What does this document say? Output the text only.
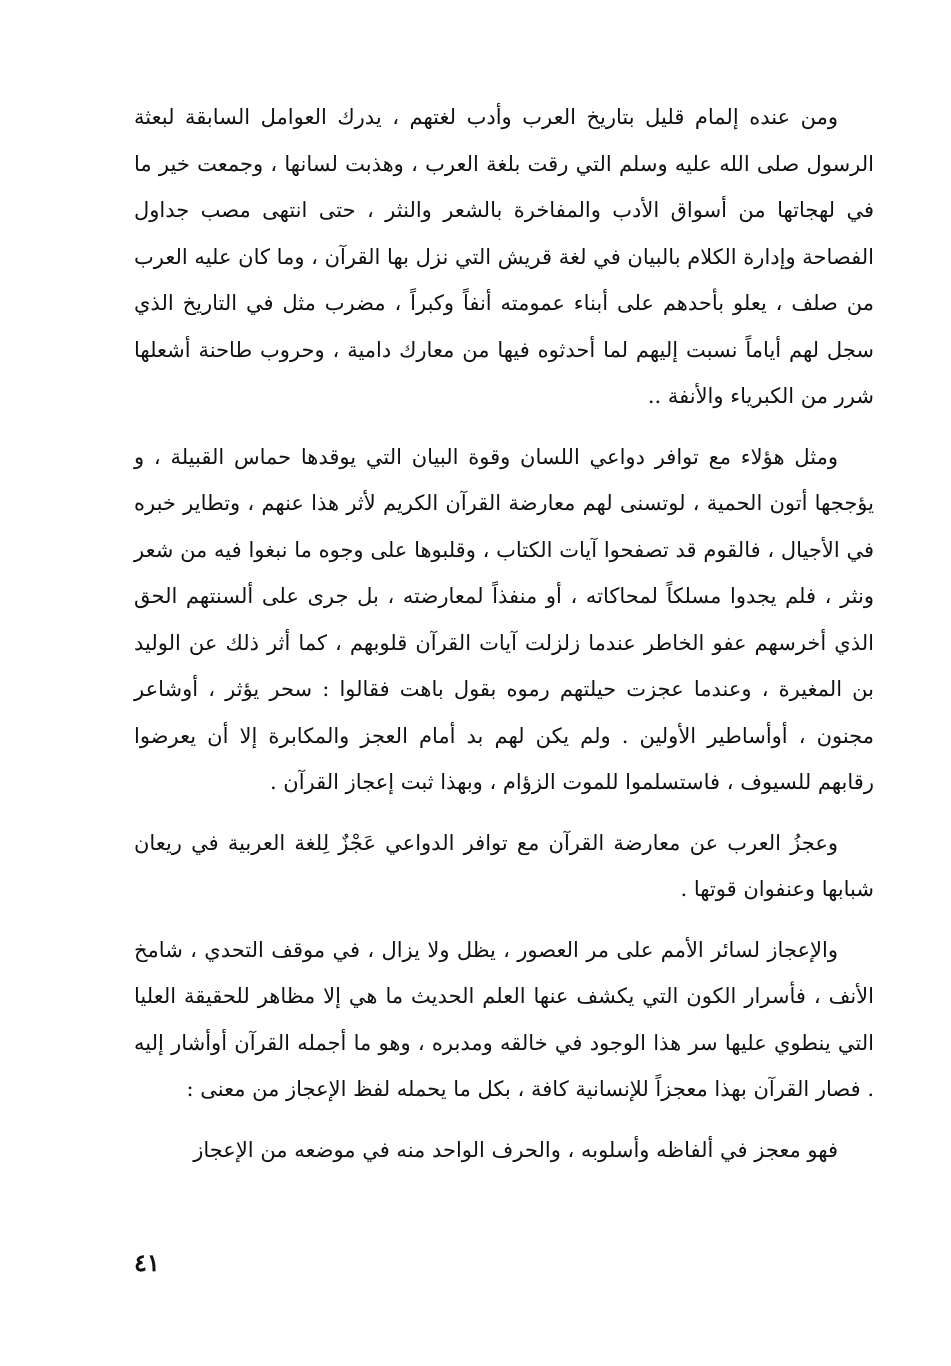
ومن عنده إلمام قليل بتاريخ العرب وأدب لغتهم ، يدرك العوامل السابقة لبعثة الرسول صلى الله عليه وسلم التي رقت بلغة العرب ، وهذبت لسانها ، وجمعت خير ما في لهجاتها من أسواق الأدب والمفاخرة بالشعر والنثر ، حتى انتهى مصب جداول الفصاحة وإدارة الكلام بالبيان في لغة قريش التي نزل بها القرآن ، وما كان عليه العرب من صلف ، يعلو بأحدهم على أبناء عمومته أنفاً وكبراً ، مضرب مثل في التاريخ الذي سجل لهم أياماً نسبت إليهم لما أحدثوه فيها من معارك دامية ، وحروب طاحنة أشعلها شرر من الكبرياء والأنفة ..

ومثل هؤلاء مع توافر دواعي اللسان وقوة البيان التي يوقدها حماس القبيلة ، و يؤججها أتون الحمية ، لوتسنى لهم معارضة القرآن الكريم لأثر هذا عنهم ، وتطاير خبره في الأجيال ، فالقوم قد تصفحوا آيات الكتاب ، وقلبوها على وجوه ما نبغوا فيه من شعر ونثر ، فلم يجدوا مسلكاً لمحاكاته ، أو منفذاً لمعارضته ، بل جرى على ألسنتهم الحق الذي أخرسهم عفو الخاطر عندما زلزلت آيات القرآن قلوبهم ، كما أثر ذلك عن الوليد بن المغيرة ، وعندما عجزت حيلتهم رموه بقول باهت فقالوا : سحر يؤثر ، أوشاعر مجنون ، أوأساطير الأولين . ولم يكن لهم بد أمام العجز والمكابرة إلا أن يعرضوا رقابهم للسيوف ، فاستسلموا للموت الزؤام ، وبهذا ثبت إعجاز القرآن .

وعجزُ العرب عن معارضة القرآن مع توافر الدواعي عَجْزٌ لِلغة العربية في ريعان شبابها وعنفوان قوتها .

والإعجاز لسائر الأمم على مر العصور ، يظل ولا يزال ، في موقف التحدي ، شامخ الأنف ، فأسرار الكون التي يكشف عنها العلم الحديث ما هي إلا مظاهر للحقيقة العليا التي ينطوي عليها سر هذا الوجود في خالقه ومدبره ، وهو ما أجمله القرآن أوأشار إليه . فصار القرآن بهذا معجزاً للإنسانية كافة ، بكل ما يحمله لفظ الإعجاز من معنى :

فهو معجز في ألفاظه وأسلوبه ، والحرف الواحد منه في موضعه من الإعجاز

٤١
